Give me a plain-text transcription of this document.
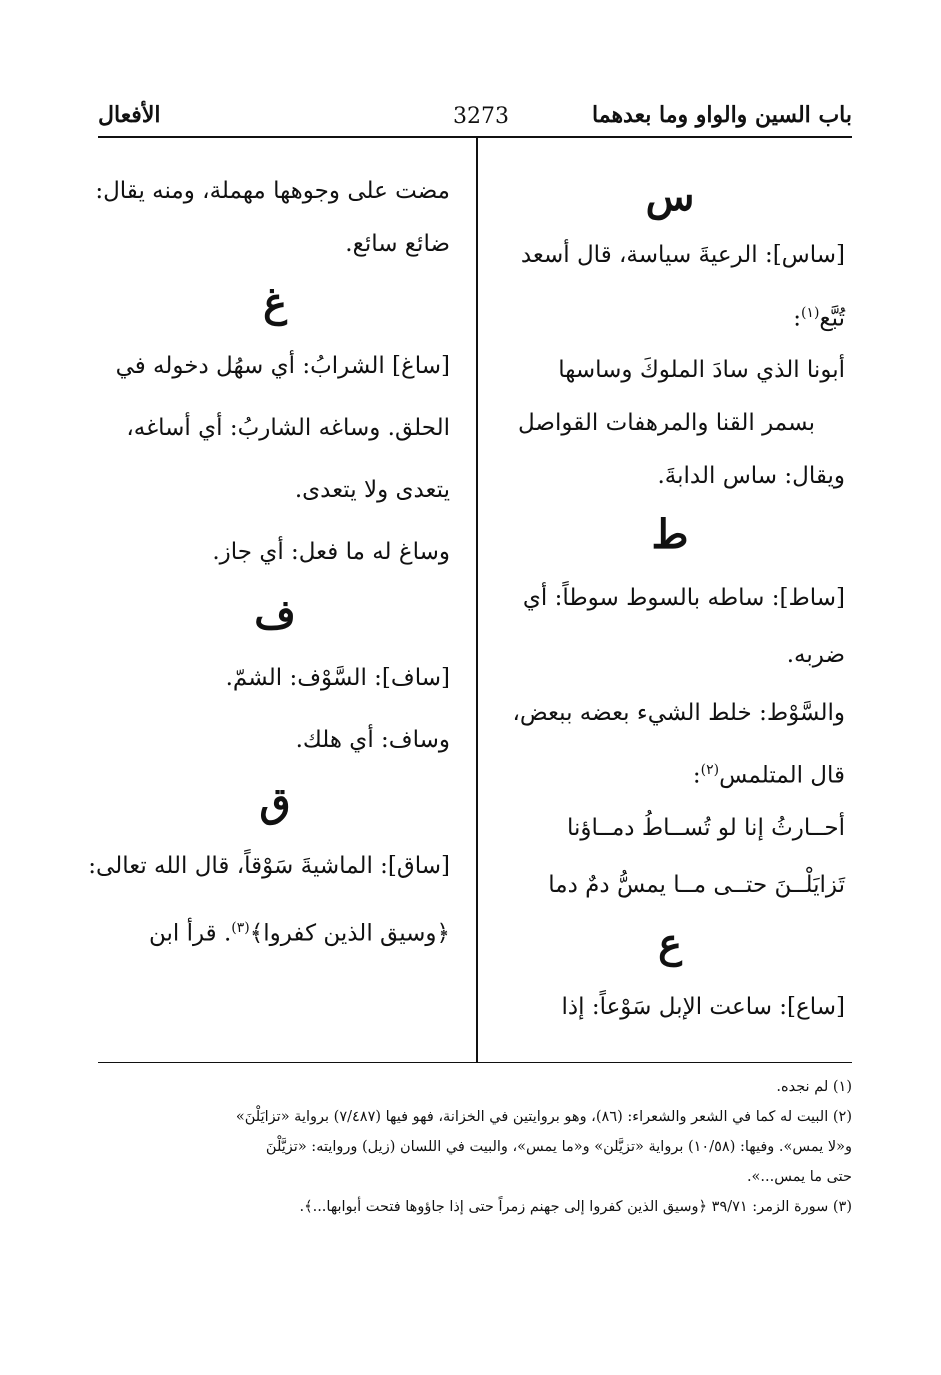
باب السين والواو وما بعدهما
3273
الأفعال
س
[ساس]: الرعيةَ سياسة، قال أسعد
تُبَّع$^{(١)}$:
أبونا الذي سادَ الملوكَ وساسها
بسمر القنا والمرهفات القواصل
ويقال: ساس الدابةَ.
ط
[ساط]: ساطه بالسوط سوطاً: أي
ضربه.
والسَّوْط: خلط الشيء بعضه ببعض،
قال المتلمس$^{(٢)}$:
أحــارثُ إنا لو تُســاطُ دمــاؤنا
تَزايَلْــنَ حتــى مــا يمسُّ دمٌ دما
ع
[ساع]: ساعت الإبل سَوْعاً: إذا
مضت على وجوهها مهملة، ومنه يقال:
ضائع سائع.
غ
[ساغ] الشرابُ: أي سهُل دخوله في
الحلق. وساغه الشاربُ: أي أساغه،
يتعدى ولا يتعدى.
وساغ له ما فعل: أي جاز.
ف
[ساف]: السَّوْف: الشمّ.
وساف: أي هلك.
ق
[ساق]: الماشيةَ سَوْقاً، قال الله تعالى:
﴿وسيق الذين كفروا﴾$^{(٣)}$. قرأ ابن
(١) لم نجده.
(٢) البيت له كما في الشعر والشعراء: (٨٦)، وهو بروايتين في الخزانة، فهو فيها (٧/٤٨٧) برواية «تزايَلْنَ»
و«لا يمس». وفيها: (١٠/٥٨) برواية «تزيَّلن» و«ما يمس»، والبيت في اللسان (زيل) وروايته: «تزيَّلْنَ
حتى ما يمس...».
(٣) سورة الزمر: ٣٩/٧١ ﴿وسيق الذين كفروا إلى جهنم زمراً حتى إذا جاؤوها فتحت أبوابها...﴾.
